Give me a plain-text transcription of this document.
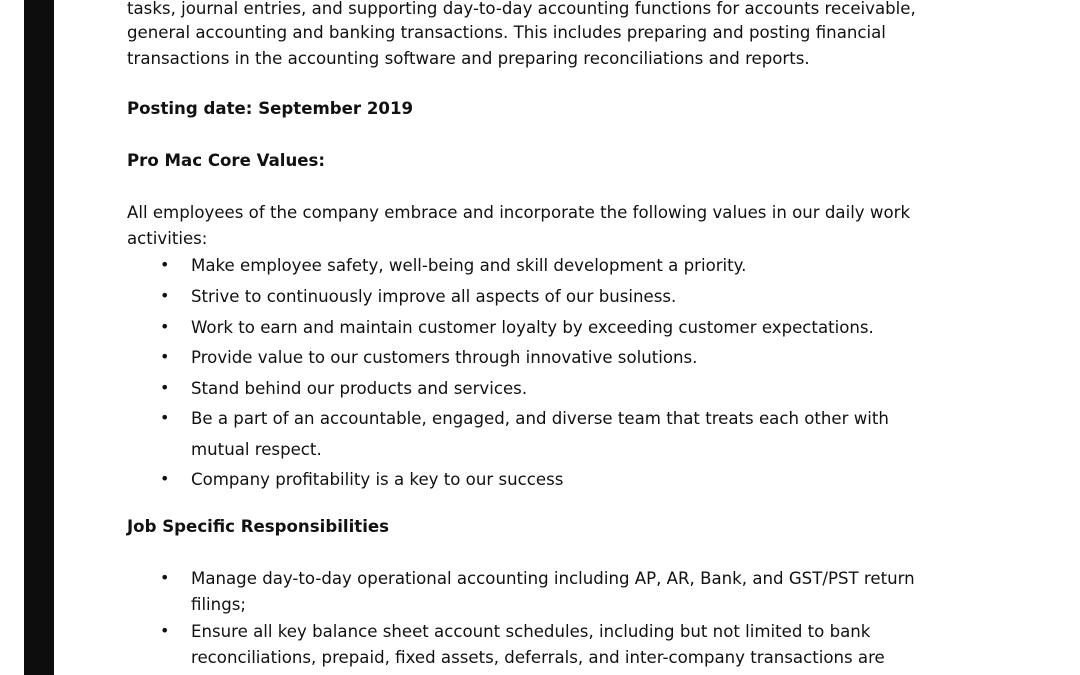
tasks, journal entries, and supporting day-to-day accounting functions for accounts receivable,
general accounting and banking transactions. This includes preparing and posting financial
transactions in the accounting software and preparing reconciliations and reports.
Posting date: September 2019
Pro Mac Core Values:
All employees of the company embrace and incorporate the following values in our daily work
activities:
• Make employee safety, well-being and skill development a priority.
• Strive to continuously improve all aspects of our business.
• Work to earn and maintain customer loyalty by exceeding customer expectations.
• Provide value to our customers through innovative solutions.
• Stand behind our products and services.
• Be a part of an accountable, engaged, and diverse team that treats each other with
mutual respect.
• Company profitability is a key to our success
Job Specific Responsibilities
• Manage day-to-day operational accounting including AP, AR, Bank, and GST/PST return
filings;
• Ensure all key balance sheet account schedules, including but not limited to bank
reconciliations, prepaid, fixed assets, deferrals, and inter-company transactions are
